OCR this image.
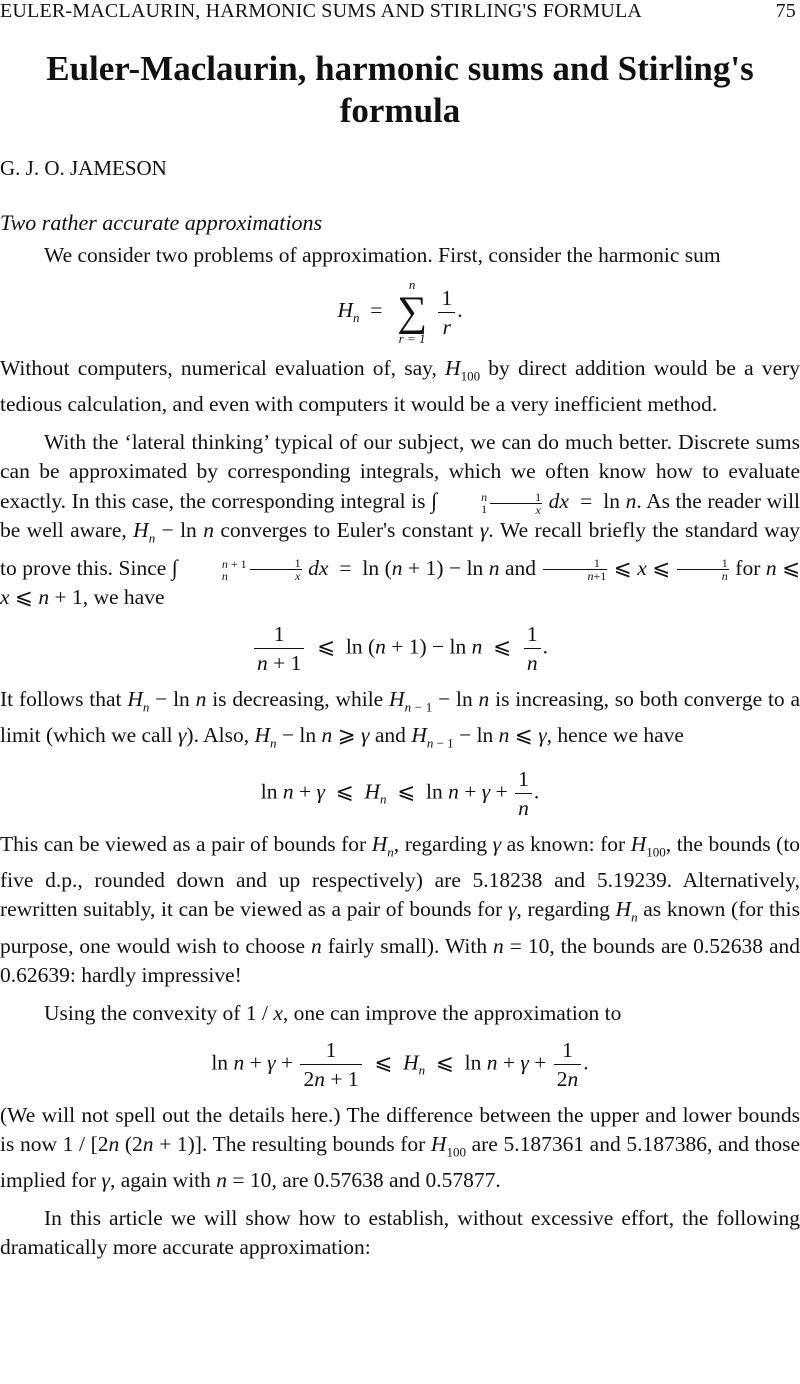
EULER-MACLAURIN, HARMONIC SUMS AND STIRLING'S FORMULA	75
Euler-Maclaurin, harmonic sums and Stirling's formula
G. J. O. JAMESON
Two rather accurate approximations

We consider two problems of approximation. First, consider the harmonic sum

$H_n$  =
n
∑
r = 1
$\frac{1}{r}$ .

Without computers, numerical evaluation of, say, $H_{100}$ by direct addition would be a very tedious calculation, and even with computers it would be a very inefficient method.

With the ‘lateral thinking’ typical of our subject, we can do much better. Discrete sums can be approximated by corresponding integrals, which we often know how to evaluate exactly. In this case, the corresponding integral is ∫	n
$1 \frac{1}{x}$ dx  =  ln n. As the reader will be well aware, $H_n - \ln n$ converges to Euler's constant γ. We recall briefly the standard way to prove this. Since ∫	n + 1
n	$\frac{1}{x}$ dx  =  ln (n + 1) − ln n and $\frac{1}{n+1}$ ⩽ x ⩽ $\frac{1}{n}$ for n ⩽ x ⩽ n + 1, we have

$\frac{1}{n + 1}$ ⩽  ln (n + 1) − ln n  ⩽ $\frac{1}{n}$ .

It follows that $H_n - \ln n$ is decreasing, while $H_{n - 1} - \ln n$ is increasing, so both converge to a limit (which we call γ). Also, $H_n - \ln n$ ⩾ γ and $H_{n - 1} - \ln n$ ⩽ γ, hence we have

ln n + γ  ⩽  $H_n$  ⩽  $\ln n + \gamma + \frac{1}{n}$ .

This can be viewed as a pair of bounds for $H_n$, regarding γ as known: for $H_{100}$, the bounds (to five d.p., rounded down and up respectively) are 5.18238 and 5.19239. Alternatively, rewritten suitably, it can be viewed as a pair of bounds for γ, regarding $H_n$ as known (for this purpose, one would wish to choose n fairly small). With n = 10, the bounds are 0.52638 and 0.62639: hardly impressive!

Using the convexity of 1 / x, one can improve the approximation to

$\ln n + \gamma + \frac{1}{2n + 1}$ ⩽  $H_n$  ⩽  $\ln n + \gamma + \frac{1}{2n}$ .

(We will not spell out the details here.) The difference between the upper and lower bounds is now 1 / [2n (2n + 1)]. The resulting bounds for $H_{100}$ are 5.187361 and 5.187386, and those implied for γ, again with n = 10, are 0.57638 and 0.57877.

In this article we will show how to establish, without excessive effort, the following dramatically more accurate approximation:
